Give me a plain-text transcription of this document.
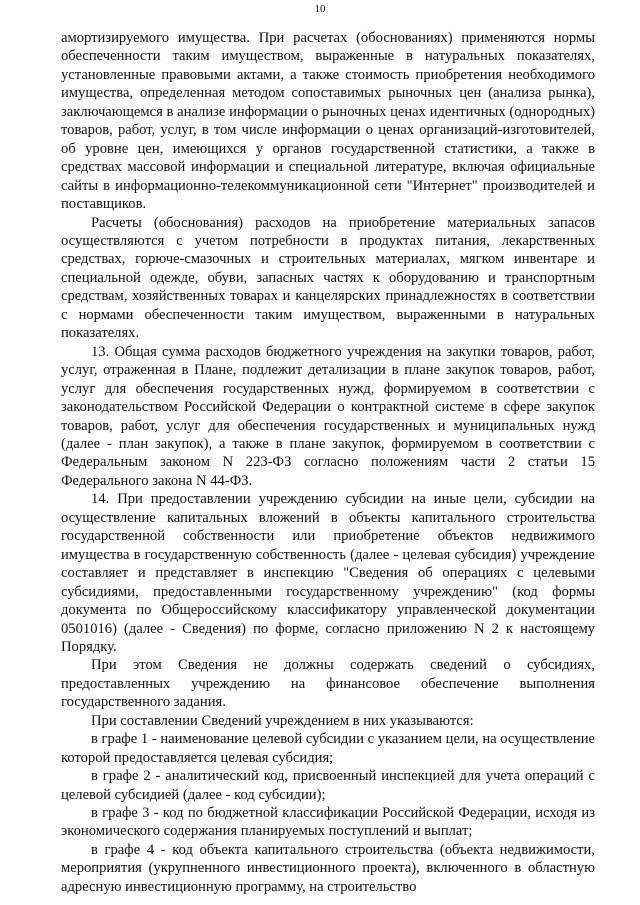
10

амортизируемого имущества. При расчетах (обоснованиях) применяются нормы обеспеченности таким имуществом, выраженные в натуральных показателях, установленные правовыми актами, а также стоимость приобретения необходимого имущества, определенная методом сопоставимых рыночных цен (анализа рынка), заключающемся в анализе информации о рыночных ценах идентичных (однородных) товаров, работ, услуг, в том числе информации о ценах организаций-изготовителей, об уровне цен, имеющихся у органов государственной статистики, а также в средствах массовой информации и специальной литературе, включая официальные сайты в информационно-телекоммуникационной сети "Интернет" производителей и поставщиков.

Расчеты (обоснования) расходов на приобретение материальных запасов осуществляются с учетом потребности в продуктах питания, лекарственных средствах, горюче-смазочных и строительных материалах, мягком инвентаре и специальной одежде, обуви, запасных частях к оборудованию и транспортным средствам, хозяйственных товарах и канцелярских принадлежностях в соответствии с нормами обеспеченности таким имуществом, выраженными в натуральных показателях.

13. Общая сумма расходов бюджетного учреждения на закупки товаров, работ, услуг, отраженная в Плане, подлежит детализации в плане закупок товаров, работ, услуг для обеспечения государственных нужд, формируемом в соответствии с законодательством Российской Федерации о контрактной системе в сфере закупок товаров, работ, услуг для обеспечения государственных и муниципальных нужд (далее - план закупок), а также в плане закупок, формируемом в соответствии с Федеральным законом N 223-ФЗ согласно положениям части 2 статьи 15 Федерального закона N 44-ФЗ.

14. При предоставлении учреждению субсидии на иные цели, субсидии на осуществление капитальных вложений в объекты капитального строительства государственной собственности или приобретение объектов недвижимого имущества в государственную собственность (далее - целевая субсидия) учреждение составляет и представляет в инспекцию "Сведения об операциях с целевыми субсидиями, предоставленными государственному учреждению" (код формы документа по Общероссийскому классификатору управленческой документации 0501016) (далее - Сведения) по форме, согласно приложению N 2 к настоящему Порядку.

При этом Сведения не должны содержать сведений о субсидиях, предоставленных учреждению на финансовое обеспечение выполнения государственного задания.

При составлении Сведений учреждением в них указываются:

в графе 1 - наименование целевой субсидии с указанием цели, на осуществление которой предоставляется целевая субсидия;

в графе 2 - аналитический код, присвоенный инспекцией для учета операций с целевой субсидией (далее - код субсидии);

в графе 3 - код по бюджетной классификации Российской Федерации, исходя из экономического содержания планируемых поступлений и выплат;

в графе 4 - код объекта капитального строительства (объекта недвижимости, мероприятия (укрупненного инвестиционного проекта), включенного в областную адресную инвестиционную программу, на строительство
